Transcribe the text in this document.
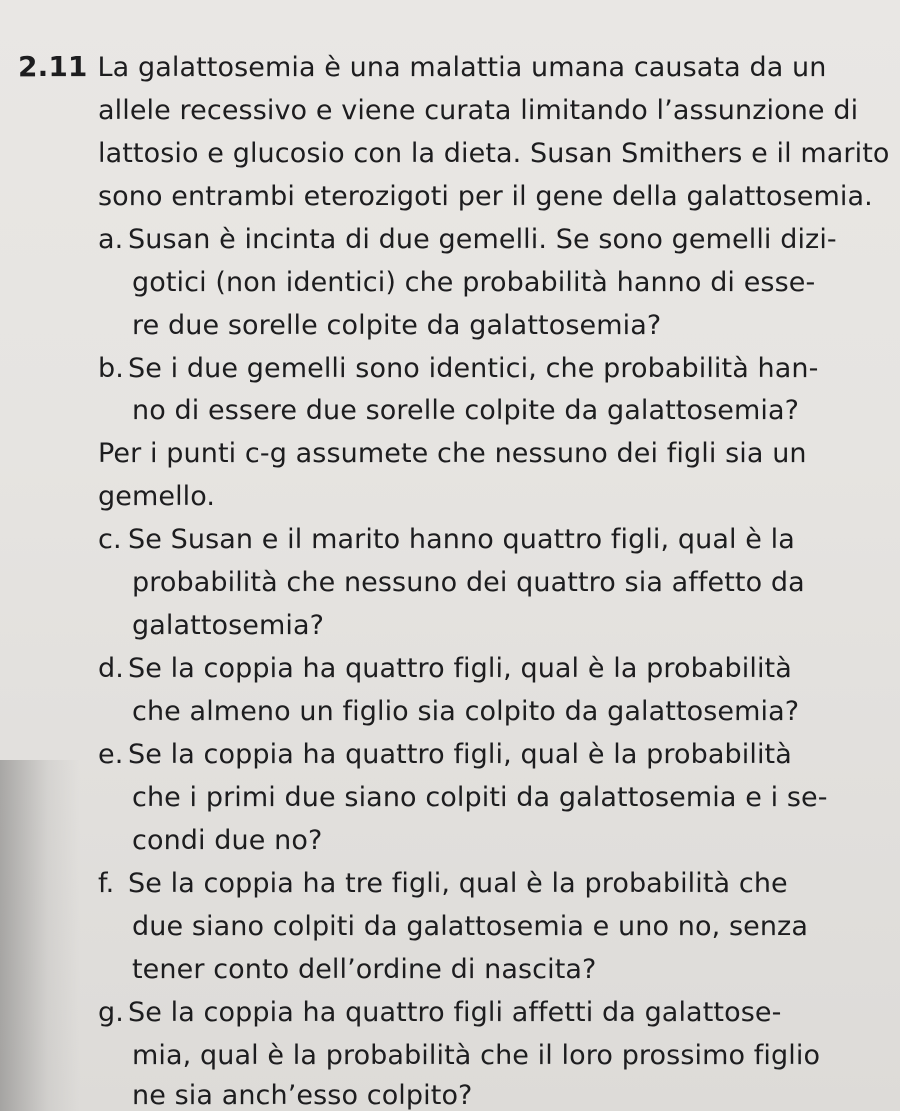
2.11 La galattosemia è una malattia umana causata da un
allele recessivo e viene curata limitando l’assunzione di
lattosio e glucosio con la dieta. Susan Smithers e il marito
sono entrambi eterozigoti per il gene della galattosemia.
a. Susan è incinta di due gemelli. Se sono gemelli dizi-
gotici (non identici) che probabilità hanno di esse-
re due sorelle colpite da galattosemia?
b. Se i due gemelli sono identici, che probabilità han-
no di essere due sorelle colpite da galattosemia?
Per i punti c-g assumete che nessuno dei figli sia un
gemello.
c. Se Susan e il marito hanno quattro figli, qual è la
probabilità che nessuno dei quattro sia affetto da
galattosemia?
d. Se la coppia ha quattro figli, qual è la probabilità
che almeno un figlio sia colpito da galattosemia?
e. Se la coppia ha quattro figli, qual è la probabilità
che i primi due siano colpiti da galattosemia e i se-
condi due no?
f. Se la coppia ha tre figli, qual è la probabilità che
due siano colpiti da galattosemia e uno no, senza
tener conto dell’ordine di nascita?
g. Se la coppia ha quattro figli affetti da galattose-
mia, qual è la probabilità che il loro prossimo figlio
ne sia anch’esso colpito?
